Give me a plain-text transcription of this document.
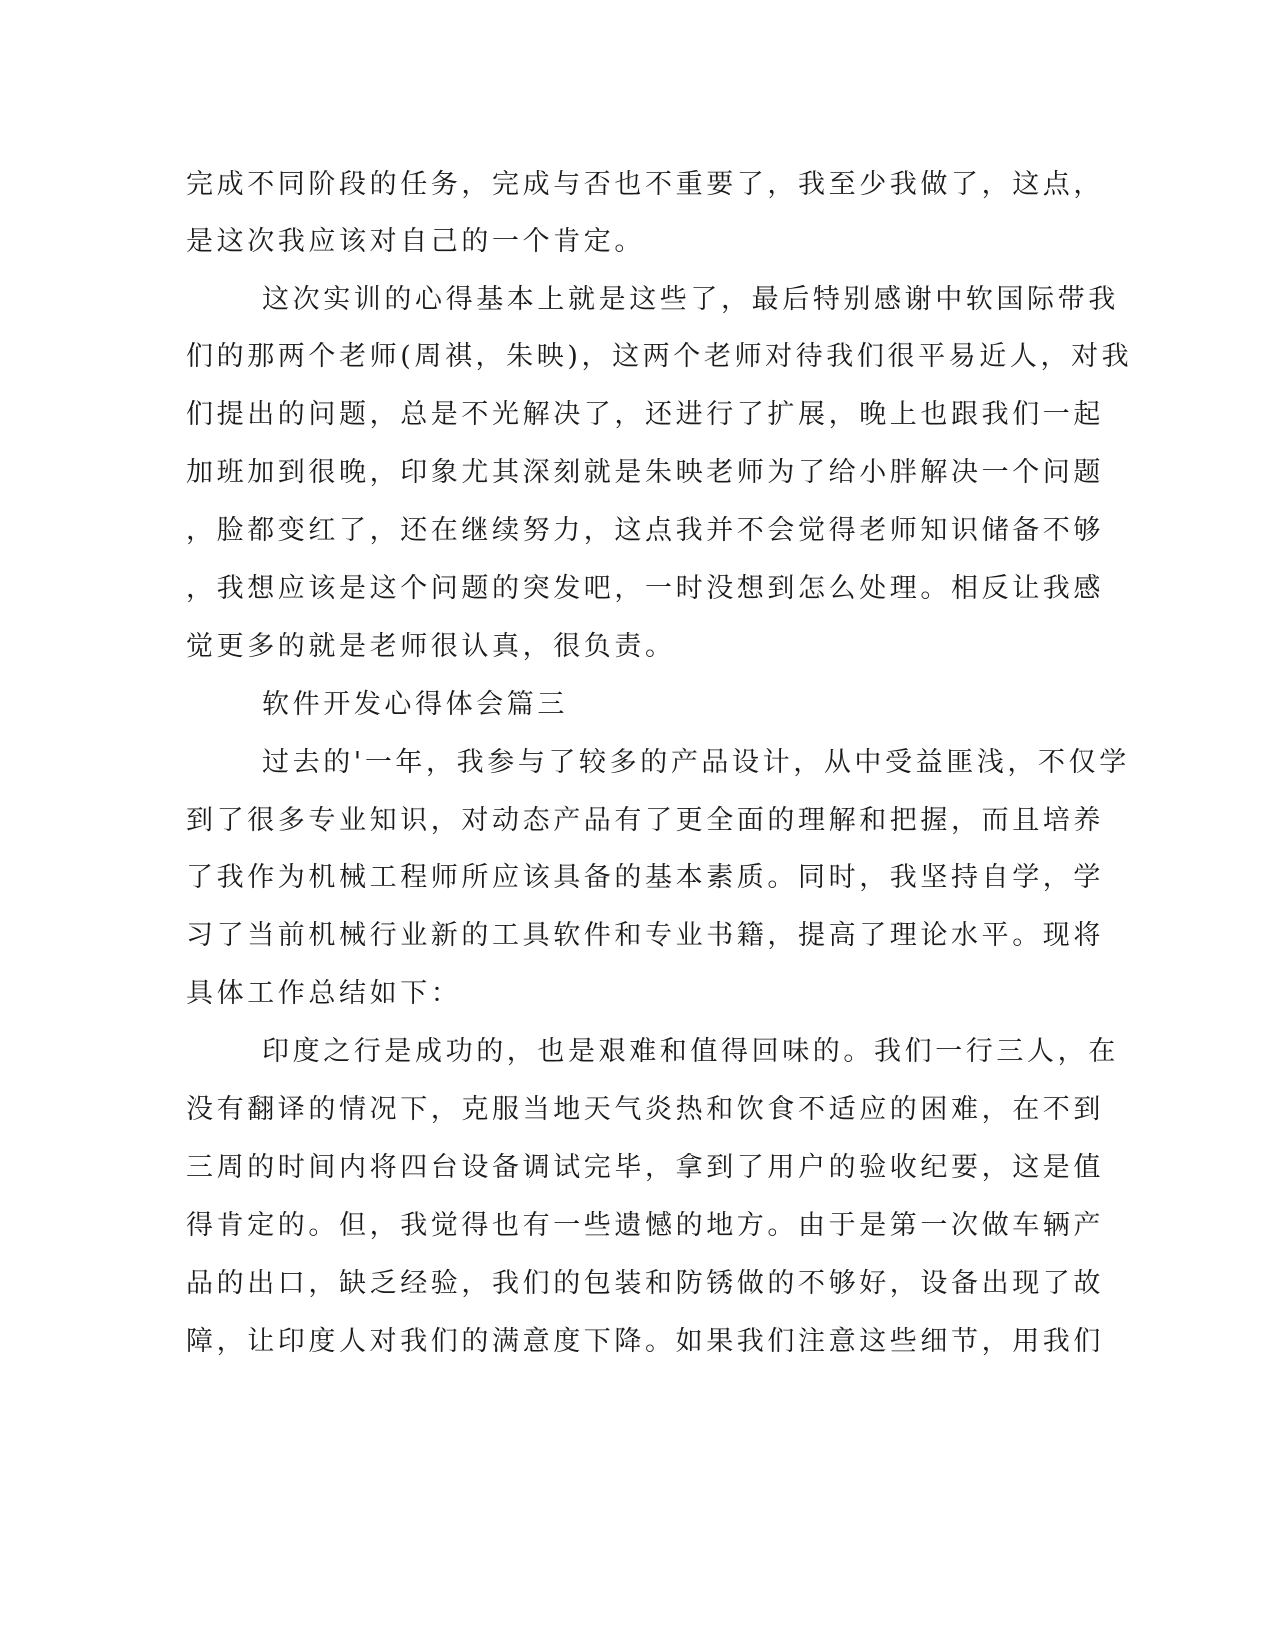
完成不同阶段的任务，完成与否也不重要了，我至少我做了，这点，
是这次我应该对自己的一个肯定。
这次实训的心得基本上就是这些了，最后特别感谢中软国际带我
们的那两个老师(周祺，朱映)，这两个老师对待我们很平易近人，对我
们提出的问题，总是不光解决了，还进行了扩展，晚上也跟我们一起
加班加到很晚，印象尤其深刻就是朱映老师为了给小胖解决一个问题
，脸都变红了，还在继续努力，这点我并不会觉得老师知识储备不够
，我想应该是这个问题的突发吧，一时没想到怎么处理。相反让我感
觉更多的就是老师很认真，很负责。
软件开发心得体会篇三
过去的'一年，我参与了较多的产品设计，从中受益匪浅，不仅学
到了很多专业知识，对动态产品有了更全面的理解和把握，而且培养
了我作为机械工程师所应该具备的基本素质。同时，我坚持自学，学
习了当前机械行业新的工具软件和专业书籍，提高了理论水平。现将
具体工作总结如下：
印度之行是成功的，也是艰难和值得回味的。我们一行三人，在
没有翻译的情况下，克服当地天气炎热和饮食不适应的困难，在不到
三周的时间内将四台设备调试完毕，拿到了用户的验收纪要，这是值
得肯定的。但，我觉得也有一些遗憾的地方。由于是第一次做车辆产
品的出口，缺乏经验，我们的包装和防锈做的不够好，设备出现了故
障，让印度人对我们的满意度下降。如果我们注意这些细节，用我们
